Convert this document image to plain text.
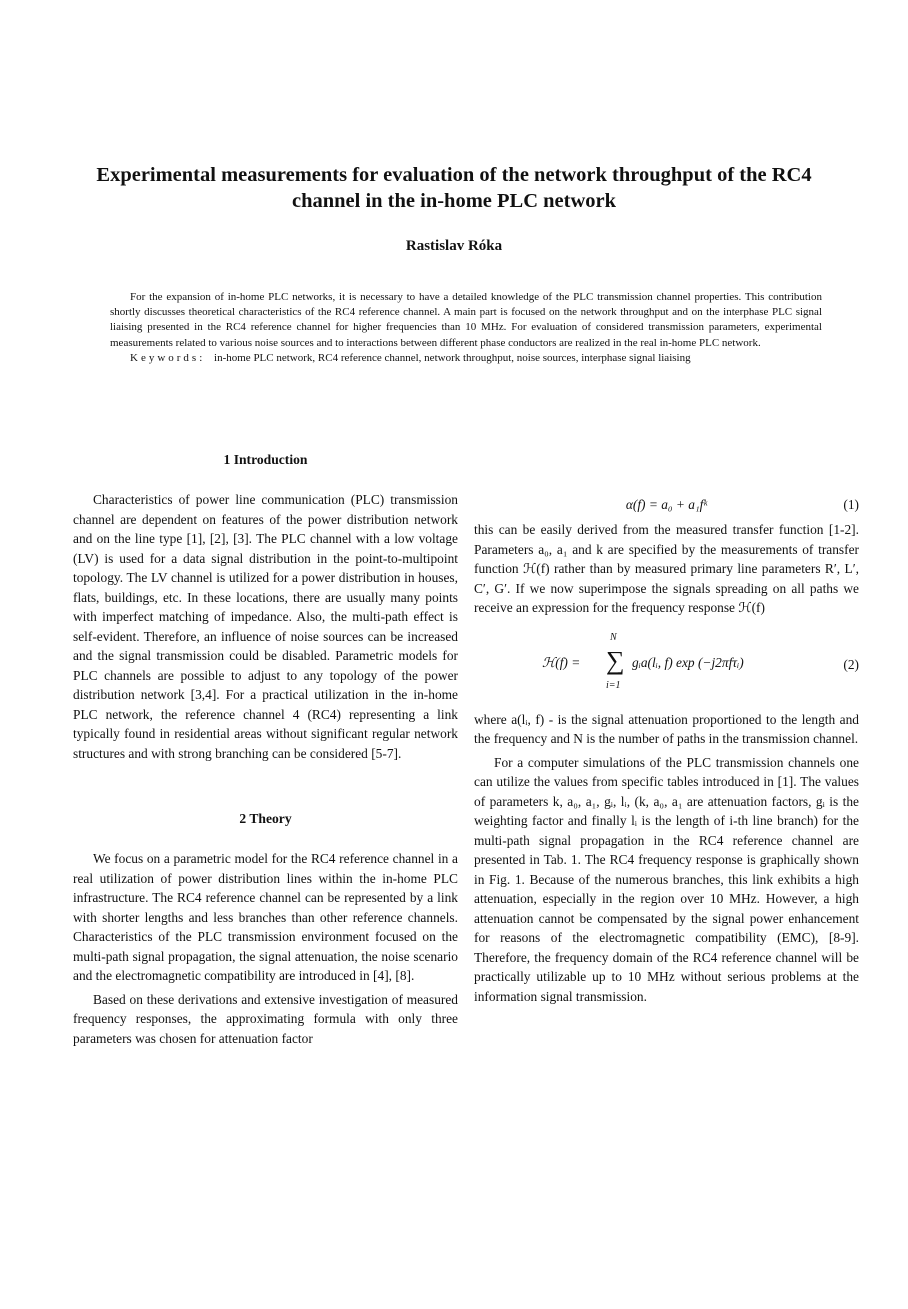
Experimental measurements for evaluation of the network throughput of the RC4 channel in the in-home PLC network
Rastislav Róka

For the expansion of in-home PLC networks, it is necessary to have a detailed knowledge of the PLC transmission channel properties. This contribution shortly discusses theoretical characteristics of the RC4 reference channel. A main part is focused on the network throughput and on the interphase PLC signal liaising presented in the RC4 reference channel for higher frequencies than 10 MHz. For evaluation of considered transmission parameters, experimental measurements related to various noise sources and to interactions between different phase conductors are realized in the real in-home PLC network.

Keywords: in-home PLC network, RC4 reference channel, network throughput, noise sources, interphase signal liaising

1 Introduction

Characteristics of power line communication (PLC) transmission channel are dependent on features of the power distribution network and on the line type [1], [2], [3]. The PLC channel with a low voltage (LV) is used for a data signal distribution in the point-to-multipoint topology. The LV channel is utilized for a power distribution in houses, flats, buildings, etc. In these locations, there are usually many points with imperfect matching of impedance. Also, the multi-path effect is self-evident. Therefore, an influence of noise sources can be increased and the signal transmission could be disabled. Parametric models for PLC channels are possible to adjust to any topology of the power distribution network [3,4]. For a practical utilization in the in-home PLC network, the reference channel 4 (RC4) representing a link typically found in residential areas without significant regular network structures and with strong branching can be considered [5-7].

2 Theory

We focus on a parametric model for the RC4 reference channel in a real utilization of power distribution lines within the in-home PLC infrastructure. The RC4 reference channel can be represented by a link with shorter lengths and less branches than other reference channels. Characteristics of the PLC transmission environment focused on the multi-path signal propagation, the signal attenuation, the noise scenario and the electromagnetic compatibility are introduced in [4], [8].

Based on these derivations and extensive investigation of measured frequency responses, the approximating formula with only three parameters was chosen for attenuation factor

α(f) = a₀ + a₁fᵏ	(1)

this can be easily derived from the measured transfer function [1-2]. Parameters a₀, a₁ and k are specified by the measurements of transfer function ℋ(f) rather than by measured primary line parameters R′, L′, C′, G′. If we now superimpose the signals spreading on all paths we receive an expression for the frequency response ℋ(f)

ℋ(f) =
N
∑
i=1
gᵢa(lᵢ, f) exp (−j2πfτᵢ)	(2)

where a(lᵢ, f) - is the signal attenuation proportioned to the length and the frequency and N is the number of paths in the transmission channel.

For a computer simulations of the PLC transmission channels one can utilize the values from specific tables introduced in [1]. The values of parameters k, a₀, a₁, gᵢ, lᵢ, (k, a₀, a₁ are attenuation factors, gᵢ is the weighting factor and finally lᵢ is the length of i-th line branch) for the multi-path signal propagation in the RC4 reference channel are presented in Tab. 1. The RC4 frequency response is graphically shown in Fig. 1. Because of the numerous branches, this link exhibits a high attenuation, especially in the region over 10 MHz. However, a high attenuation cannot be compensated by the signal power enhancement for reasons of the electromagnetic compatibility (EMC), [8-9]. Therefore, the frequency domain of the RC4 reference channel will be practically utilizable up to 10 MHz without serious problems at the information signal transmission.
